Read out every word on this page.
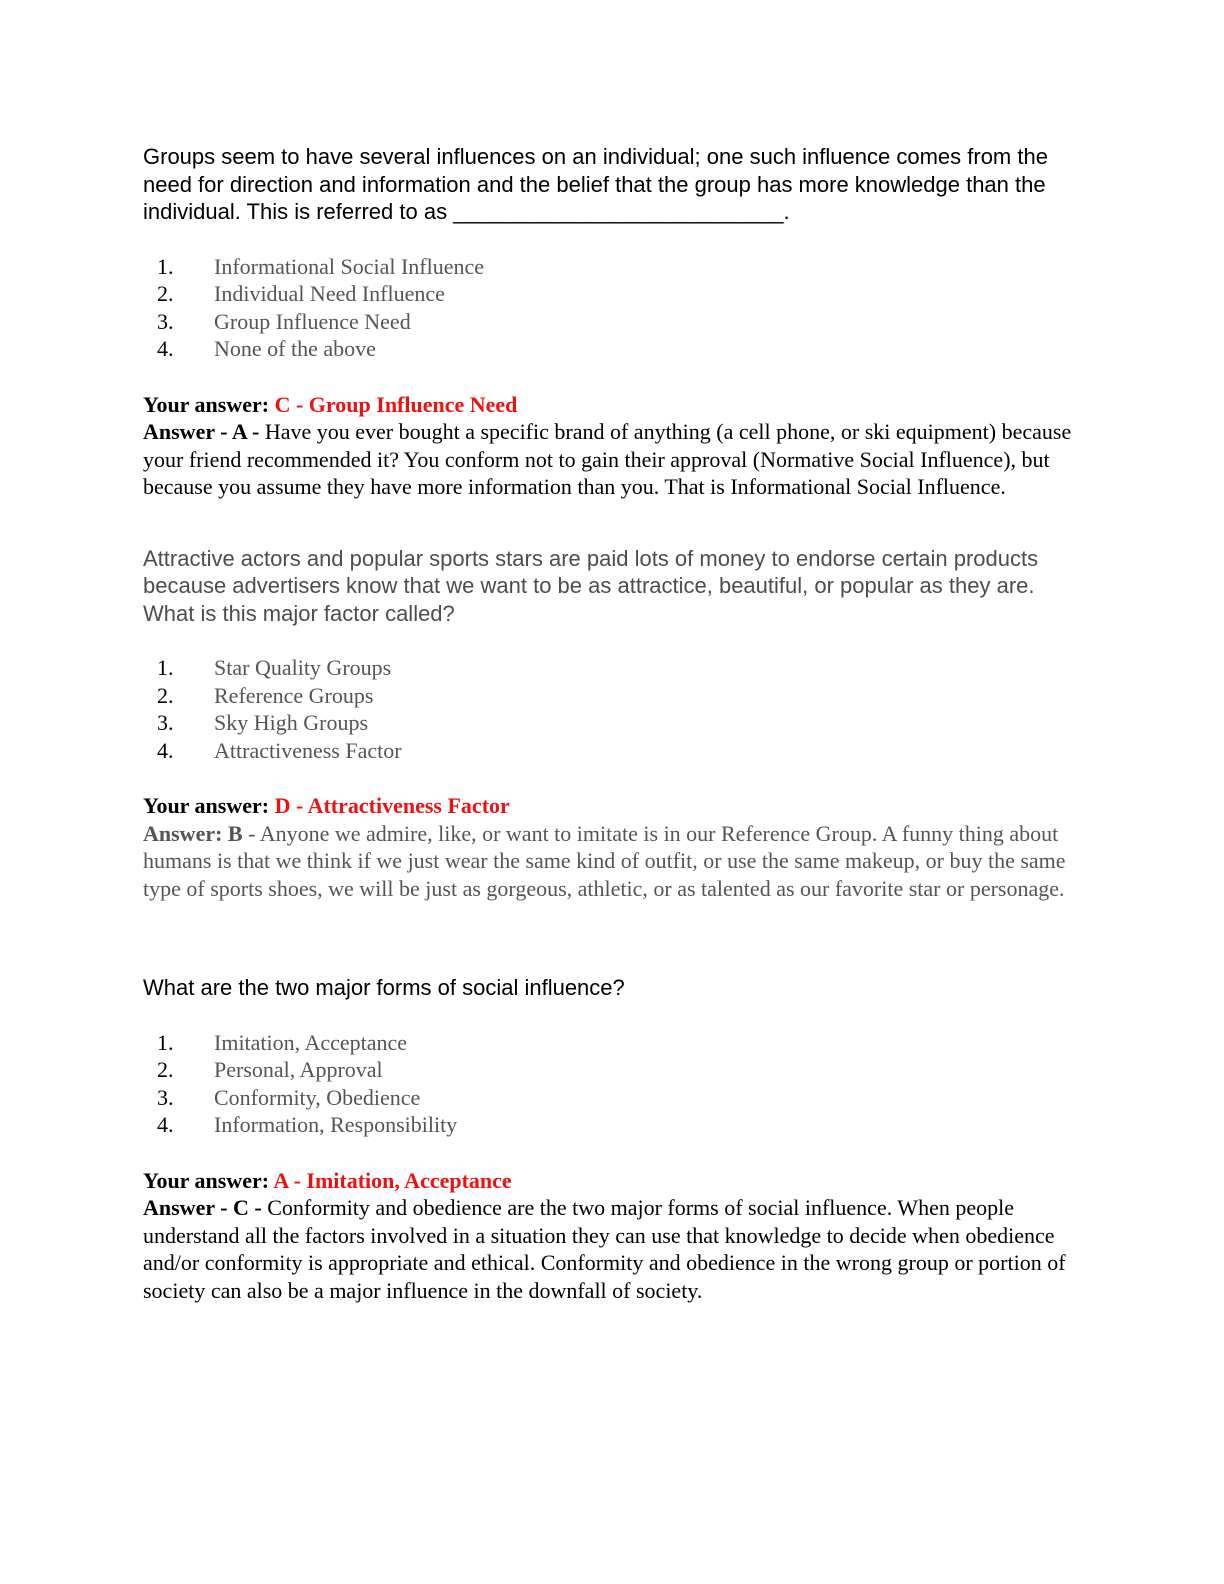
Groups seem to have several influences on an individual; one such influence comes from the need for direction and information and the belief that the group has more knowledge than the individual. This is referred to as ___________________________.

1.	Informational Social Influence
2.	Individual Need Influence
3.	Group Influence Need
4.	None of the above

Your answer: C - Group Influence Need

Answer - A - Have you ever bought a specific brand of anything (a cell phone, or ski equipment) because your friend recommended it? You conform not to gain their approval (Normative Social Influence), but because you assume they have more information than you. That is Informational Social Influence.

Attractive actors and popular sports stars are paid lots of money to endorse certain products because advertisers know that we want to be as attractice, beautiful, or popular as they are. What is this major factor called?

1.	Star Quality Groups
2.	Reference Groups
3.	Sky High Groups
4.	Attractiveness Factor

Your answer: D - Attractiveness Factor

Answer: B - Anyone we admire, like, or want to imitate is in our Reference Group. A funny thing about humans is that we think if we just wear the same kind of outfit, or use the same makeup, or buy the same type of sports shoes, we will be just as gorgeous, athletic, or as talented as our favorite star or personage.

What are the two major forms of social influence?

1.	Imitation, Acceptance
2.	Personal, Approval
3.	Conformity, Obedience
4.	Information, Responsibility

Your answer: A - Imitation, Acceptance

Answer - C - Conformity and obedience are the two major forms of social influence. When people understand all the factors involved in a situation they can use that knowledge to decide when obedience and/or conformity is appropriate and ethical. Conformity and obedience in the wrong group or portion of society can also be a major influence in the downfall of society.
